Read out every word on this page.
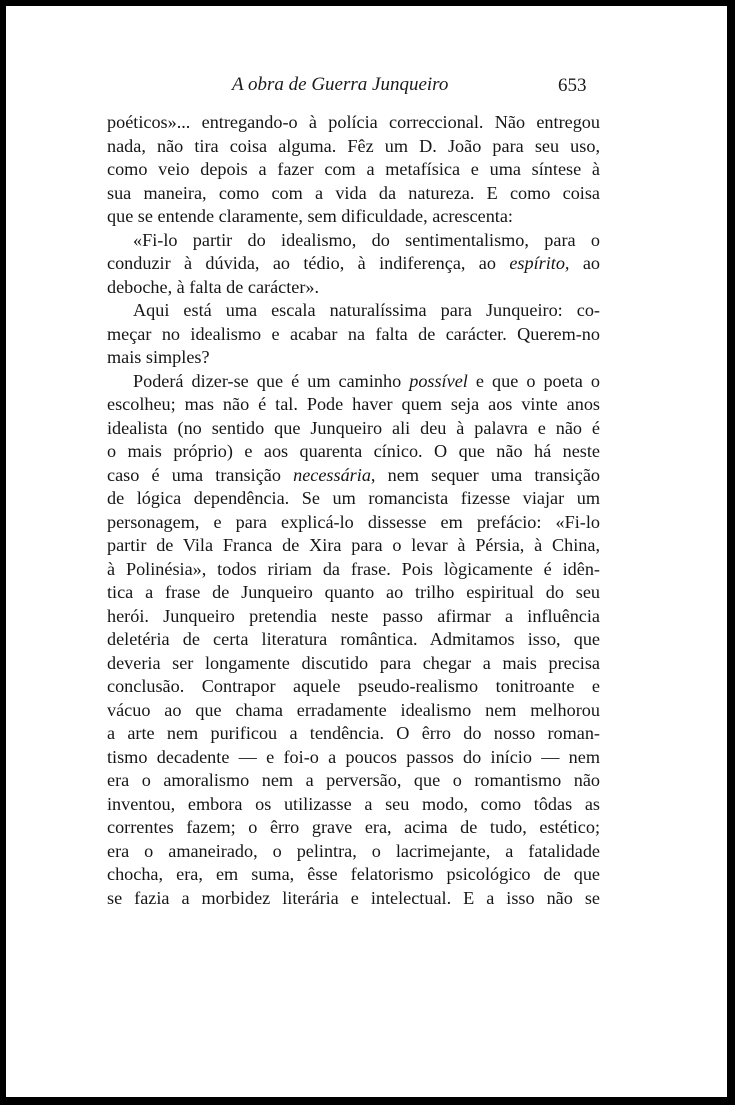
A obra de Guerra Junqueiro	653
poéticos»... entregando-o à polícia correccional. Não entregou
nada, não tira coisa alguma. Fêz um D. João para seu uso,
como veio depois a fazer com a metafísica e uma síntese à
sua maneira, como com a vida da natureza. E como coisa
que se entende claramente, sem dificuldade, acrescenta:
«Fi-lo partir do idealismo, do sentimentalismo, para o
conduzir à dúvida, ao tédio, à indiferença, ao espírito, ao
deboche, à falta de carácter».
Aqui está uma escala naturalíssima para Junqueiro: co-
meçar no idealismo e acabar na falta de carácter. Querem-no
mais simples?
Poderá dizer-se que é um caminho possível e que o poeta o
escolheu; mas não é tal. Pode haver quem seja aos vinte anos
idealista (no sentido que Junqueiro ali deu à palavra e não é
o mais próprio) e aos quarenta cínico. O que não há neste
caso é uma transição necessária, nem sequer uma transição
de lógica dependência. Se um romancista fizesse viajar um
personagem, e para explicá-lo dissesse em prefácio: «Fi-lo
partir de Vila Franca de Xira para o levar à Pérsia, à China,
à Polinésia», todos ririam da frase. Pois lògicamente é idên-
tica a frase de Junqueiro quanto ao trilho espiritual do seu
herói. Junqueiro pretendia neste passo afirmar a influência
deletéria de certa literatura romântica. Admitamos isso, que
deveria ser longamente discutido para chegar a mais precisa
conclusão. Contrapor aquele pseudo-realismo tonitroante e
vácuo ao que chama erradamente idealismo nem melhorou
a arte nem purificou a tendência. O êrro do nosso roman-
tismo decadente — e foi-o a poucos passos do início — nem
era o amoralismo nem a perversão, que o romantismo não
inventou, embora os utilizasse a seu modo, como tôdas as
correntes fazem; o êrro grave era, acima de tudo, estético;
era o amaneirado, o pelintra, o lacrimejante, a fatalidade
chocha, era, em suma, êsse felatorismo psicológico de que
se fazia a morbidez literária e intelectual. E a isso não se
